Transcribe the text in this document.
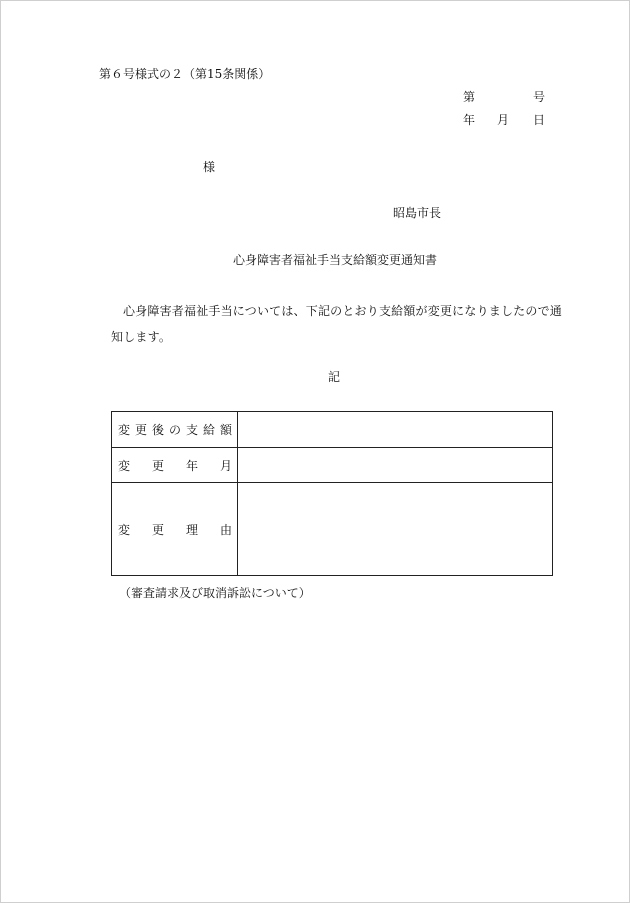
第６号様式の２（第15条関係）
第	号
年 月 日
様
昭島市長
心身障害者福祉手当支給額変更通知書
心身障害者福祉手当については、下記のとおり支給額が変更になりましたので通知します。
記
変更後の支給額
変更年月
変更理由
（審査請求及び取消訴訟について）
